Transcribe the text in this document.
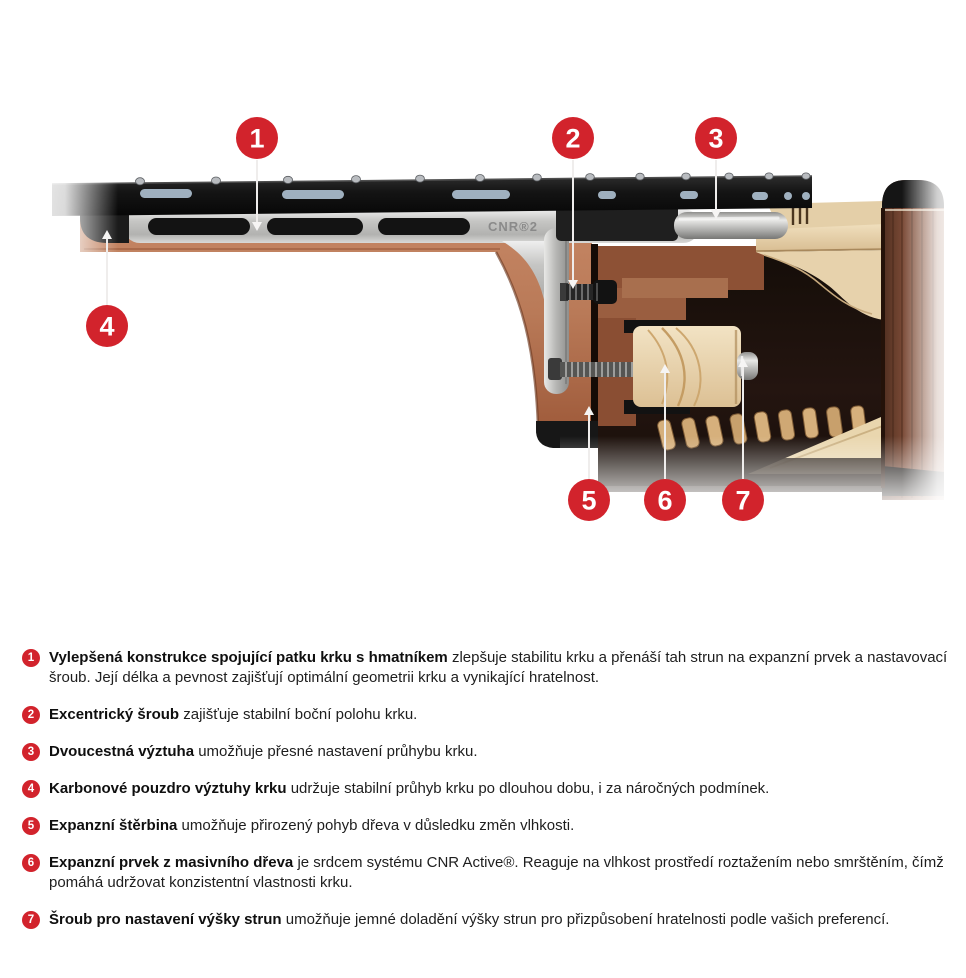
CNR®2
1	2	3
4
5 6 7
1 Vylepšená konstrukce spojující patku krku s hmatníkem zlepšuje stabilitu krku a přenáší tah strun na expanzní prvek a nastavovací šroub. Její délka a pevnost zajišťují optimální geometrii krku a vynikající hratelnost.

2 Excentrický šroub zajišťuje stabilní boční polohu krku.

3 Dvoucestná výztuha umožňuje přesné nastavení průhybu krku.

4 Karbonové pouzdro výztuhy krku udržuje stabilní průhyb krku po dlouhou dobu, i za náročných podmínek.

5 Expanzní štěrbina umožňuje přirozený pohyb dřeva v důsledku změn vlhkosti.

6 Expanzní prvek z masivního dřeva je srdcem systému CNR Active®. Reaguje na vlhkost prostředí roztažením nebo smrštěním, čímž pomáhá udržovat konzistentní vlastnosti krku.

7 Šroub pro nastavení výšky strun umožňuje jemné doladění výšky strun pro přizpůsobení hratelnosti podle vašich preferencí.
